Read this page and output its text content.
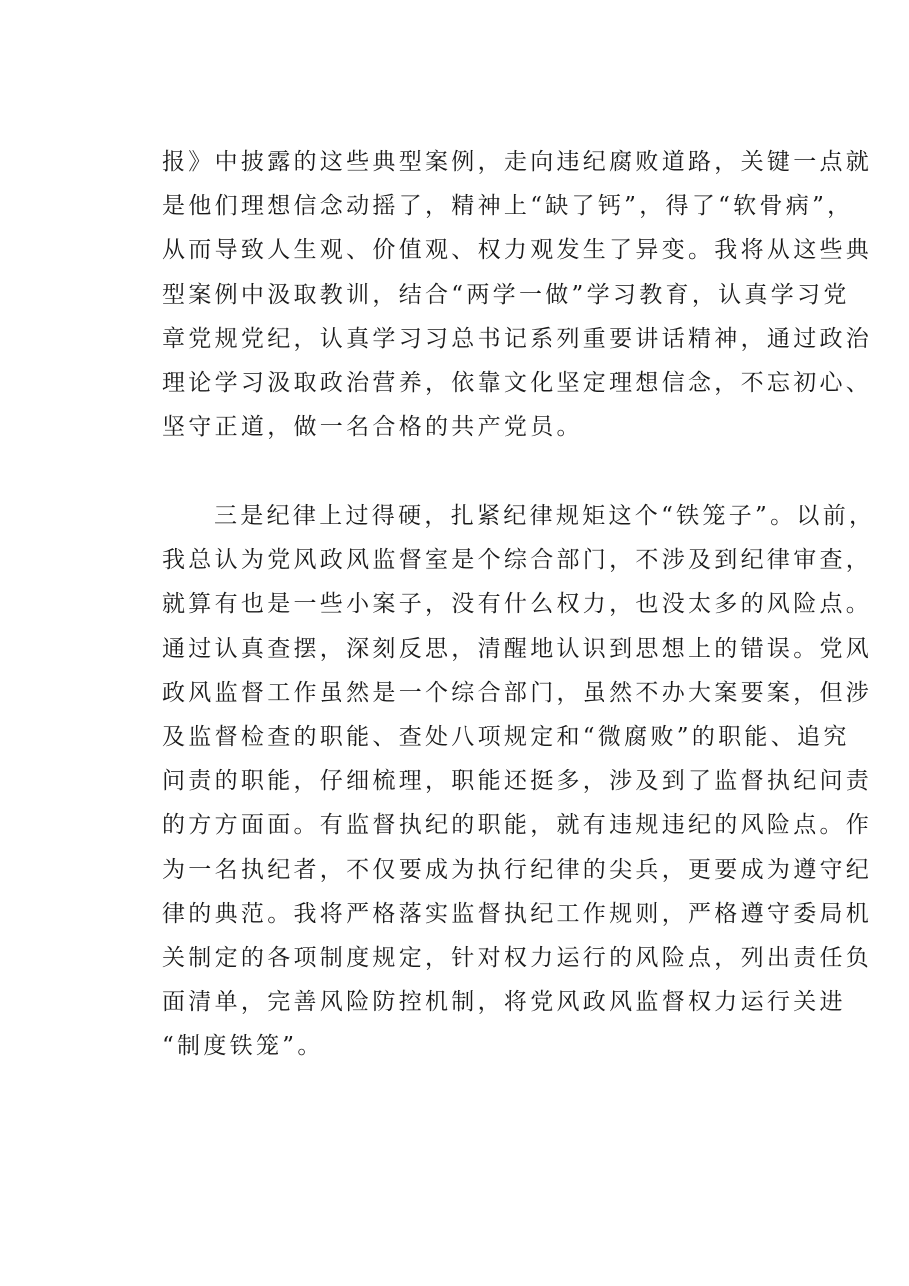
报》中披露的这些典型案例，走向违纪腐败道路，关键一点就
是他们理想信念动摇了，精神上“缺了钙”，得了“软骨病”，
从而导致人生观、价值观、权力观发生了异变。我将从这些典
型案例中汲取教训，结合“两学一做”学习教育，认真学习党
章党规党纪，认真学习习总书记系列重要讲话精神，通过政治
理论学习汲取政治营养，依靠文化坚定理想信念，不忘初心、
坚守正道，做一名合格的共产党员。
三是纪律上过得硬，扎紧纪律规矩这个“铁笼子”。以前，
我总认为党风政风监督室是个综合部门，不涉及到纪律审查，
就算有也是一些小案子，没有什么权力，也没太多的风险点。
通过认真查摆，深刻反思，清醒地认识到思想上的错误。党风
政风监督工作虽然是一个综合部门，虽然不办大案要案，但涉
及监督检查的职能、查处八项规定和“微腐败”的职能、追究
问责的职能，仔细梳理，职能还挺多，涉及到了监督执纪问责
的方方面面。有监督执纪的职能，就有违规违纪的风险点。作
为一名执纪者，不仅要成为执行纪律的尖兵，更要成为遵守纪
律的典范。我将严格落实监督执纪工作规则，严格遵守委局机
关制定的各项制度规定，针对权力运行的风险点，列出责任负
面清单，完善风险防控机制，将党风政风监督权力运行关进
“制度铁笼”。
